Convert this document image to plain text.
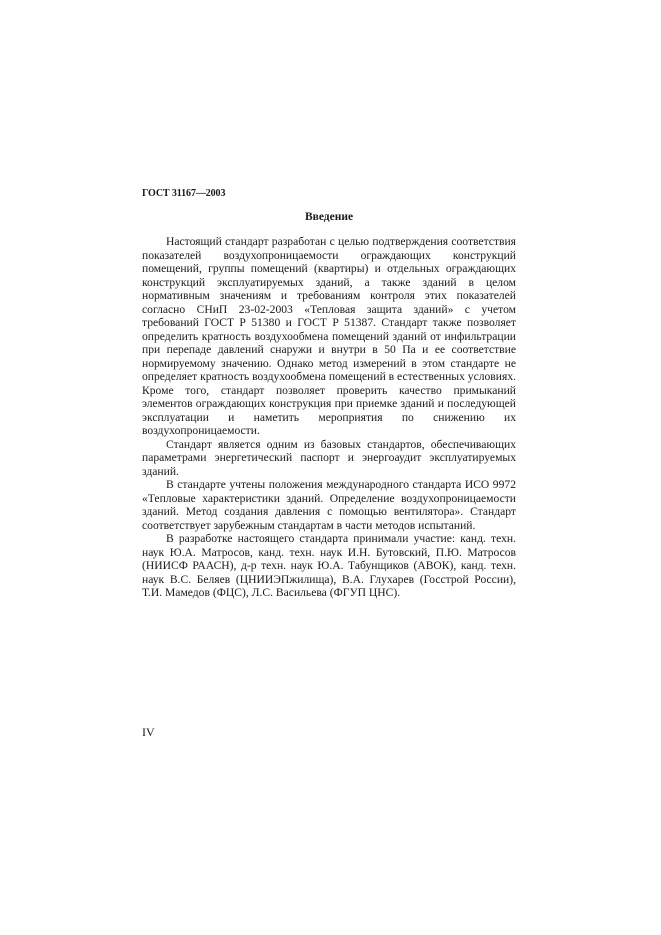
ГОСТ 31167—2003

Введение

Настоящий стандарт разработан с целью подтверждения соответствия показателей воздухопроницаемости ограждающих конструкций помещений, группы помещений (квартиры) и отдельных ограждающих конструкций эксплуатируемых зданий, а также зданий в целом нормативным значениям и требованиям контроля этих показателей согласно СНиП 23-02-2003 «Тепловая защита зданий» с учетом требований ГОСТ Р 51380 и ГОСТ Р 51387. Стандарт также позволяет определить кратность воздухообмена помещений зданий от инфильтрации при перепаде давлений снаружи и внутри в 50 Па и ее соответствие нормируемому значению. Однако метод измерений в этом стандарте не определяет кратность воздухообмена помещений в естественных условиях. Кроме того, стандарт позволяет проверить качество примыканий элементов ограждающих конструкция при приемке зданий и последующей эксплуатации и наметить мероприятия по снижению их воздухопроницаемости.

Стандарт является одним из базовых стандартов, обеспечивающих параметрами энергетический паспорт и энергоаудит эксплуатируемых зданий.

В стандарте учтены положения международного стандарта ИСО 9972 «Тепловые характеристики зданий. Определение воздухопроницаемости зданий. Метод создания давления с помощью вентилятора». Стандарт соответствует зарубежным стандартам в части методов испытаний.

В разработке настоящего стандарта принимали участие: канд. техн. наук Ю.А. Матросов, канд. техн. наук И.Н. Бутовский, П.Ю. Матросов (НИИСФ РААСН), д-р техн. наук Ю.А. Табунщиков (АВОК), канд. техн. наук В.С. Беляев (ЦНИИЭПжилища), В.А. Глухарев (Госстрой России), Т.И. Мамедов (ФЦС), Л.С. Васильева (ФГУП ЦНС).

IV
